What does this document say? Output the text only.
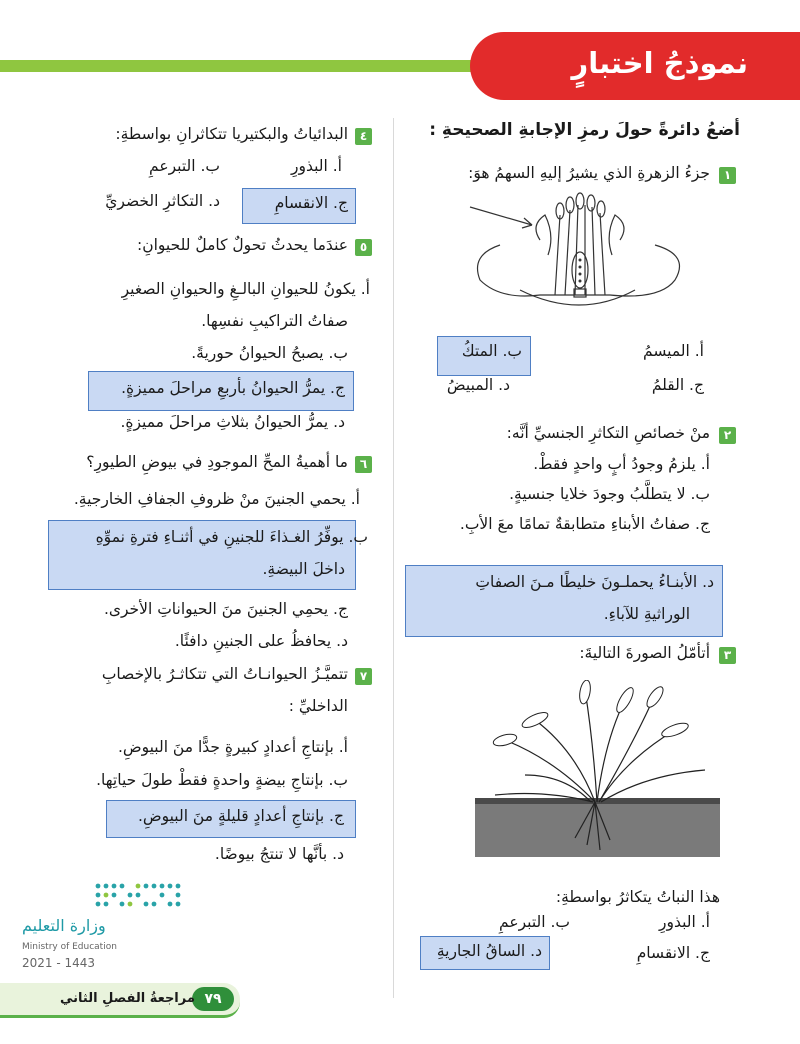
نموذجُ اختبارٍ
أضعُ دائرةً حولَ رمزِ الإجابةِ الصحيحةِ :
١
جزءُ الزهرةِ الذي يشيرُ إليهِ السهمُ هوَ:
أ. الميسمُ
ب. المتكُ
ج. القلمُ
د. المبيضُ
٢
منْ خصائصِ التكاثرِ الجنسيِّ أنَّه:
أ. يلزمُ وجودُ أبٍ واحدٍ فقطْ.
ب. لا يتطلَّبُ وجودَ خلايا جنسيةٍ.
ج. صفاتُ الأبناءِ متطابقةٌ تمامًا معَ الأبِ.
د. الأبنـاءُ يحملـونَ خليطًا مـنَ الصفاتِ
الوراثيةِ للآباءِ.
٣
أتأمّلُ الصورةَ التاليةَ:
هذا النباتُ يتكاثرُ بواسطةِ:
أ. البذورِ
ب. التبرعمِ
ج. الانقسامِ
د. الساقُ الجاريةِ
٤
البدائياتُ والبكتيريا تتكاثرانِ بواسطةِ:
أ. البذورِ
ب. التبرعمِ
ج. الانقسامِ
د. التكاثرِ الخضريِّ
٥
عندَما يحدثُ تحولٌ كاملٌ للحيوانِ:
أ. يكونُ للحيوانِ البالـغِ والحيوانِ الصغيرِ
صفاتُ التراكيبِ نفسِها.
ب. يصبحُ الحيوانُ حوريةً.
ج. يمرُّ الحيوانُ بأربعِ مراحلَ مميزةٍ.
د. يمرُّ الحيوانُ بثلاثِ مراحلَ مميزةٍ.
٦
ما أهميةُ المحِّ الموجودِ في بيوضِ الطيورِ؟
أ. يحمي الجنينَ منْ ظروفِ الجفافِ الخارجيةِ.
ب. يوفِّرُ الغـذاءَ للجنينِ في أثنـاءِ فترةِ نموِّهِ
داخلَ البيضةِ.
ج. يحمِي الجنينَ منَ الحيواناتِ الأخرى.
د. يحافظُ على الجنينِ دافئًا.
٧
تتميَّـزُ الحيوانـاتُ التي تتكاثـرُ بالإخصابِ
الداخليِّ :
أ. بإنتاجِ أعدادٍ كبيرةٍ جدًّا منَ البيوضِ.
ب. بإنتاجِ بيضةٍ واحدةٍ فقطْ طولَ حياتِها.
ج. بإنتاجِ أعدادٍ قليلةٍ منَ البيوضِ.
د. بأنَّها لا تنتجُ بيوضًا.
وزارة التعليم
Ministry of Education
2021 - 1443
٧٩
مراجعةُ الفصلِ الثاني
